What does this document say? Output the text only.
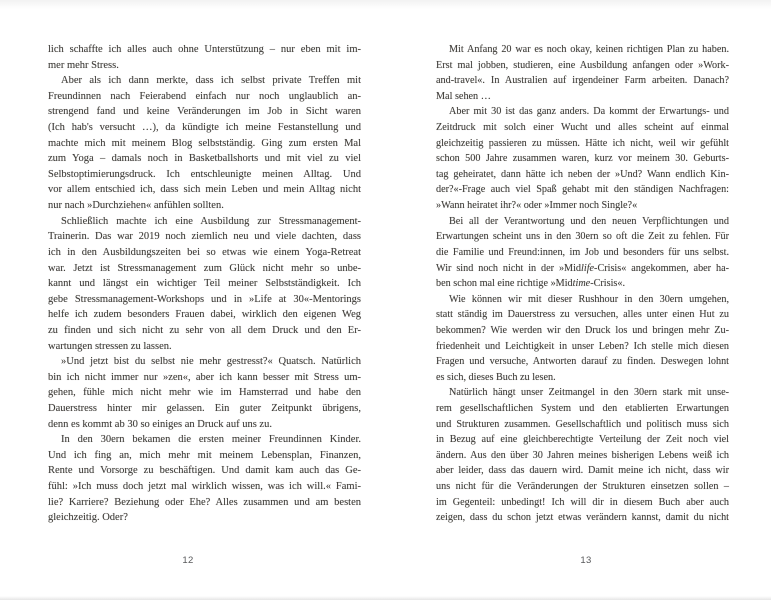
lich schaffte ich alles auch ohne Unterstützung – nur eben mit im-
mer mehr Stress.
Aber als ich dann merkte, dass ich selbst private Treffen mit
Freundinnen nach Feierabend einfach nur noch unglaublich an-
strengend fand und keine Veränderungen im Job in Sicht waren
(Ich hab's versucht …), da kündigte ich meine Festanstellung und
machte mich mit meinem Blog selbstständig. Ging zum ersten Mal
zum Yoga – damals noch in Basketballshorts und mit viel zu viel
Selbstoptimierungsdruck. Ich entschleunigte meinen Alltag. Und
vor allem entschied ich, dass sich mein Leben und mein Alltag nicht
nur nach »Durchziehen« anfühlen sollten.
Schließlich machte ich eine Ausbildung zur Stressmanagement-
Trainerin. Das war 2019 noch ziemlich neu und viele dachten, dass
ich in den Ausbildungszeiten bei so etwas wie einem Yoga-Retreat
war. Jetzt ist Stressmanagement zum Glück nicht mehr so unbe-
kannt und längst ein wichtiger Teil meiner Selbstständigkeit. Ich
gebe Stressmanagement-Workshops und in »Life at 30«-Mentorings
helfe ich zudem besonders Frauen dabei, wirklich den eigenen Weg
zu finden und sich nicht zu sehr von all dem Druck und den Er-
wartungen stressen zu lassen.
»Und jetzt bist du selbst nie mehr gestresst?« Quatsch. Natürlich
bin ich nicht immer nur »zen«, aber ich kann besser mit Stress um-
gehen, fühle mich nicht mehr wie im Hamsterrad und habe den
Dauerstress hinter mir gelassen. Ein guter Zeitpunkt übrigens,
denn es kommt ab 30 so einiges an Druck auf uns zu.
In den 30ern bekamen die ersten meiner Freundinnen Kinder.
Und ich fing an, mich mehr mit meinem Lebensplan, Finanzen,
Rente und Vorsorge zu beschäftigen. Und damit kam auch das Ge-
fühl: »Ich muss doch jetzt mal wirklich wissen, was ich will.« Fami-
lie? Karriere? Beziehung oder Ehe? Alles zusammen und am besten
gleichzeitig. Oder?
Mit Anfang 20 war es noch okay, keinen richtigen Plan zu haben.
Erst mal jobben, studieren, eine Ausbildung anfangen oder »Work-
and-travel«. In Australien auf irgendeiner Farm arbeiten. Danach?
Mal sehen …
Aber mit 30 ist das ganz anders. Da kommt der Erwartungs- und
Zeitdruck mit solch einer Wucht und alles scheint auf einmal
gleichzeitig passieren zu müssen. Hätte ich nicht, weil wir gefühlt
schon 500 Jahre zusammen waren, kurz vor meinem 30. Geburts-
tag geheiratet, dann hätte ich neben der »Und? Wann endlich Kin-
der?«-Frage auch viel Spaß gehabt mit den ständigen Nachfragen:
»Wann heiratet ihr?« oder »Immer noch Single?«
Bei all der Verantwortung und den neuen Verpflichtungen und
Erwartungen scheint uns in den 30ern so oft die Zeit zu fehlen. Für
die Familie und Freund:innen, im Job und besonders für uns selbst.
Wir sind noch nicht in der »Midlife-Crisis« angekommen, aber ha-
ben schon mal eine richtige »Midtime-Crisis«.
Wie können wir mit dieser Rushhour in den 30ern umgehen,
statt ständig im Dauerstress zu versuchen, alles unter einen Hut zu
bekommen? Wie werden wir den Druck los und bringen mehr Zu-
friedenheit und Leichtigkeit in unser Leben? Ich stelle mich diesen
Fragen und versuche, Antworten darauf zu finden. Deswegen lohnt
es sich, dieses Buch zu lesen.
Natürlich hängt unser Zeitmangel in den 30ern stark mit unse-
rem gesellschaftlichen System und den etablierten Erwartungen
und Strukturen zusammen. Gesellschaftlich und politisch muss sich
in Bezug auf eine gleichberechtigte Verteilung der Zeit noch viel
ändern. Aus den über 30 Jahren meines bisherigen Lebens weiß ich
aber leider, dass das dauern wird. Damit meine ich nicht, dass wir
uns nicht für die Veränderungen der Strukturen einsetzen sollen –
im Gegenteil: unbedingt! Ich will dir in diesem Buch aber auch
zeigen, dass du schon jetzt etwas verändern kannst, damit du nicht
12	13
